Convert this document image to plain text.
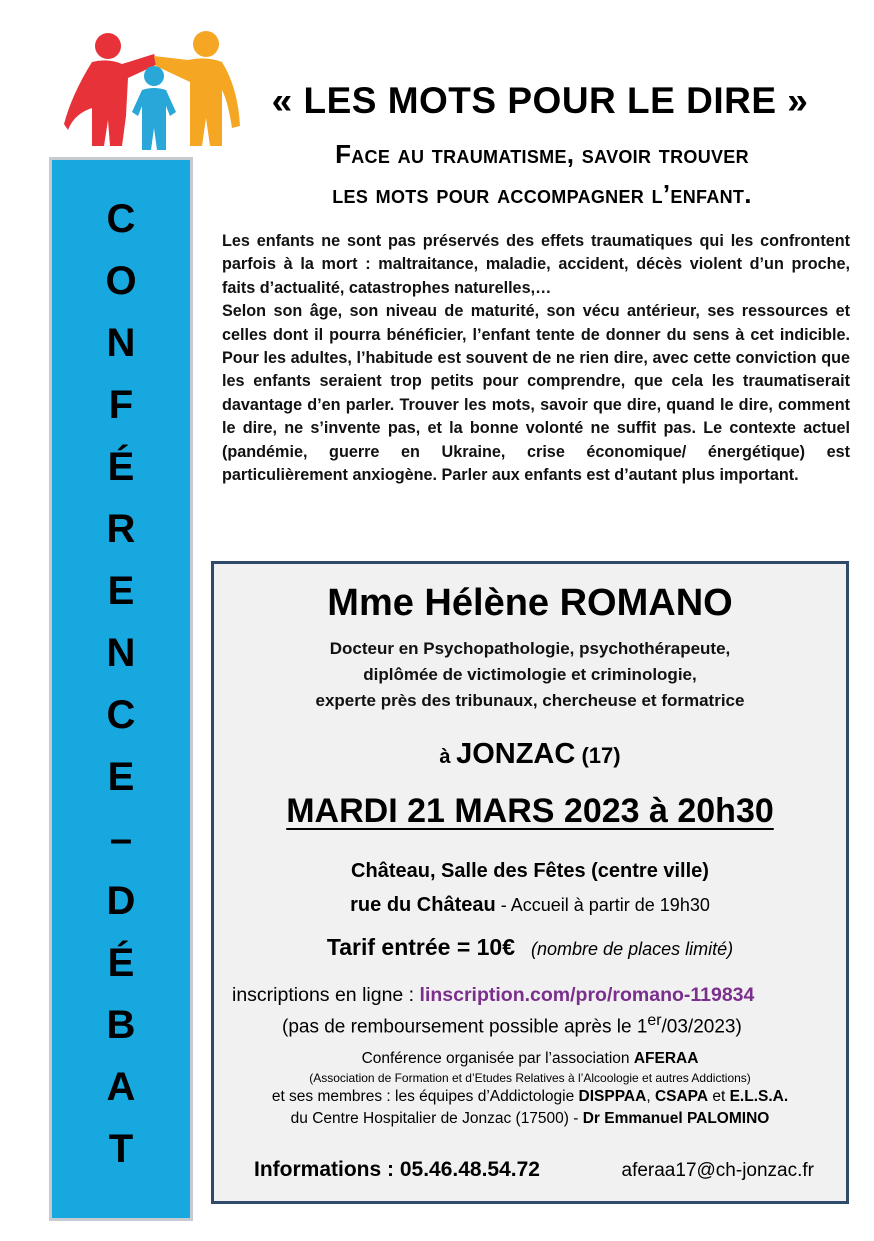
C
O
N
F
É
R
E
N
C
E
–
D
É
B
A
T
« LES MOTS POUR LE DIRE »
Face au traumatisme, savoir trouver
les mots pour accompagner l’enfant.

Les enfants ne sont pas préservés des effets traumatiques qui les confrontent parfois à la mort : maltraitance, maladie, accident, décès violent d’un proche, faits d’actualité, catastrophes naturelles,…

Selon son âge, son niveau de maturité, son vécu antérieur, ses ressources et celles dont il pourra bénéficier, l’enfant tente de donner du sens à cet indicible. Pour les adultes, l’habitude est souvent de ne rien dire, avec cette conviction que les enfants seraient trop petits pour comprendre, que cela les traumatiserait davantage d’en parler. Trouver les mots, savoir que dire, quand le dire, comment le dire, ne s’invente pas, et la bonne volonté ne suffit pas. Le contexte actuel (pandémie, guerre en Ukraine, crise économique/ énergétique) est particulièrement anxiogène. Parler aux enfants est d’autant plus important.

Mme Hélène ROMANO
Docteur en Psychopathologie, psychothérapeute,
diplômée de victimologie et criminologie,
experte près des tribunaux, chercheuse et formatrice
à JONZAC (17)
MARDI 21 MARS 2023 à 20h30
Château, Salle des Fêtes (centre ville)
rue du Château - Accueil à partir de 19h30
Tarif entrée = 10€ (nombre de places limité)
inscriptions en ligne : linscription.com/pro/romano-119834
(pas de remboursement possible après le 1er/03/2023)
Conférence organisée par l’association AFERAA
(Association de Formation et d’Etudes Relatives à l’Alcoologie et autres Addictions)
et ses membres : les équipes d’Addictologie DISPPAA, CSAPA et E.L.S.A.
du Centre Hospitalier de Jonzac (17500) - Dr Emmanuel PALOMINO
Informations : 05.46.48.54.72	aferaa17@ch-jonzac.fr
